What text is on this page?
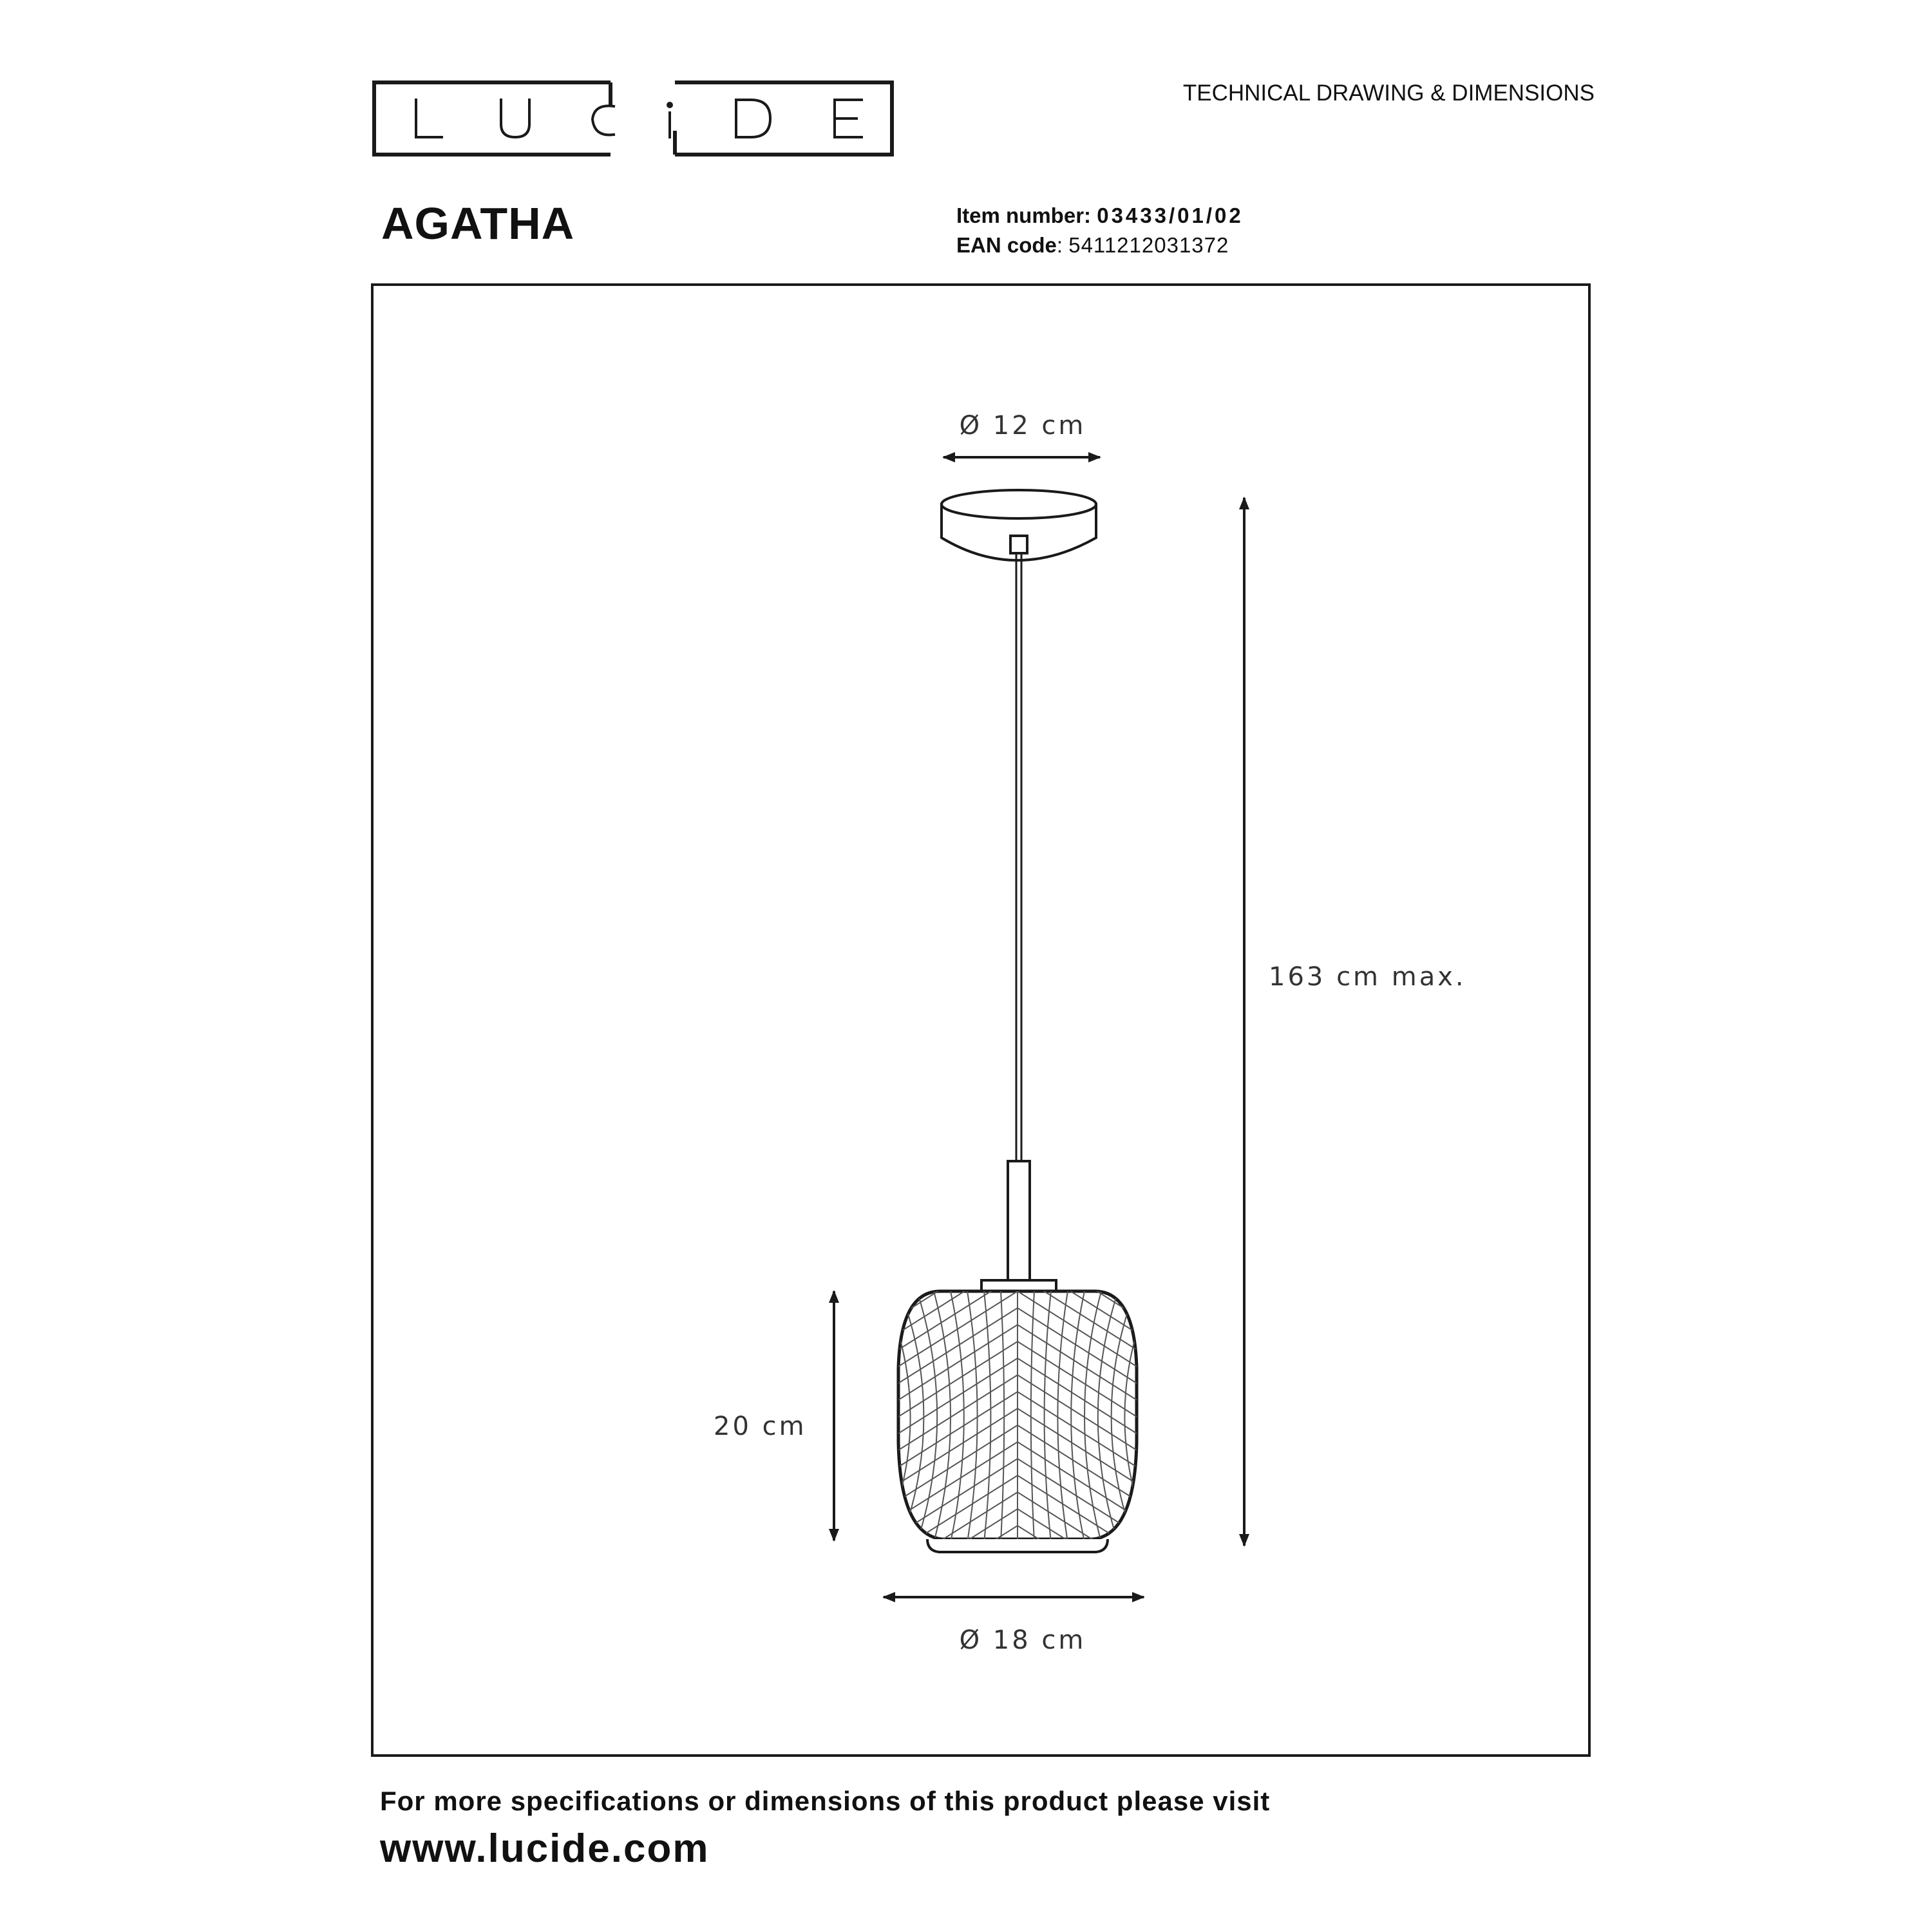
TECHNICAL DRAWING & DIMENSIONS
AGATHA	Item number: 03433/01/02
EAN code: 5411212031372
Ø 12 cm
163 cm max.
20 cm
Ø 18 cm
For more specifications or dimensions of this product please visit
www.lucide.com
